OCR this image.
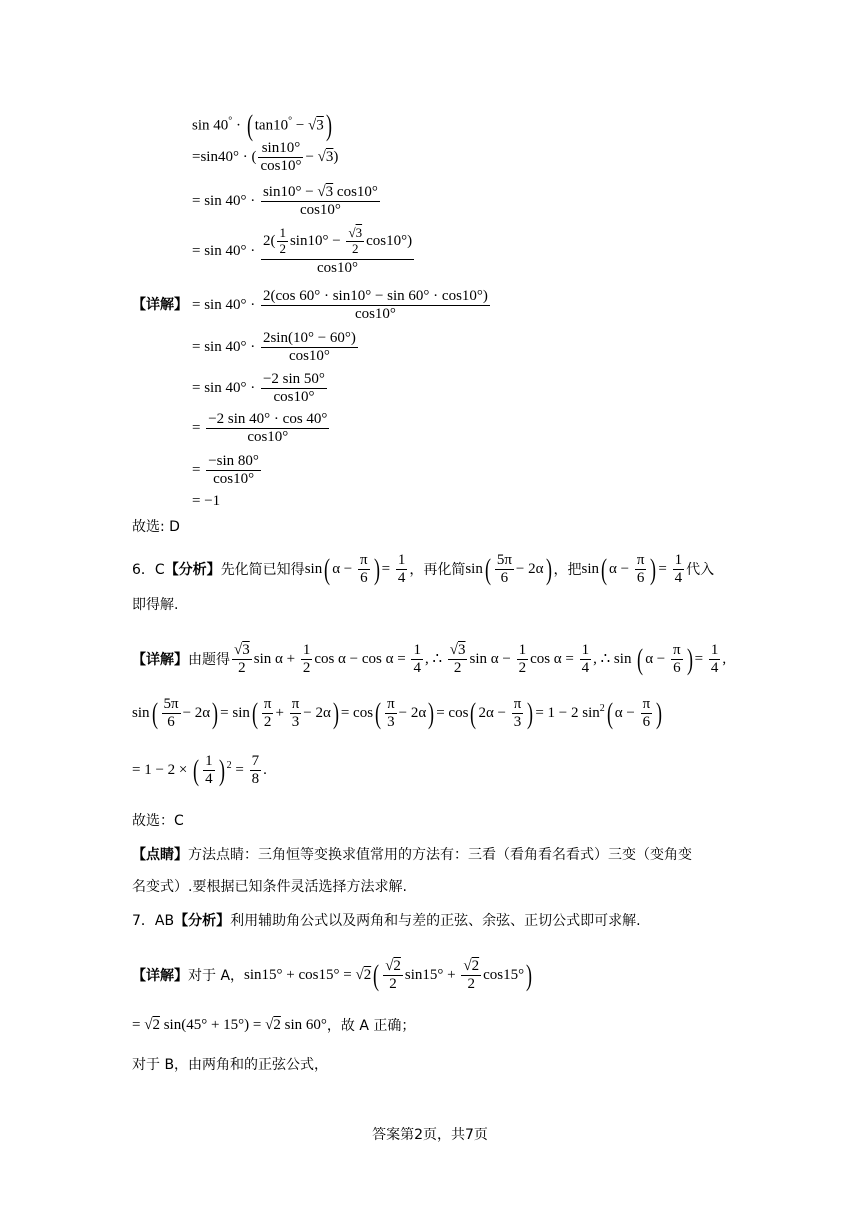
【详解】
sin 40° · ( tan10° − √3)
=sin40° · ( $\frac{\sin 10^\circ}{\cos 10^\circ} - √3$)
= $\sin 40^\circ \cdot \frac{\sin 10^\circ - √3 \cos 10^\circ}{\cos 10^\circ}$
= $\sin 40^\circ \cdot \frac{2( \frac{1}{2} \sin 10^\circ - \frac{√3}{2} \cos 10^\circ)}{\cos 10^\circ}$
= $\sin 40^\circ \cdot \frac{2(\cos 60^\circ \cdot \sin 10^\circ - \sin 60^\circ \cdot \cos 10^\circ)}{\cos 10^\circ}$
= $\sin 40^\circ \cdot \frac{2\sin(10^\circ - 60^\circ)}{\cos 10^\circ}$
= $\sin 40^\circ \cdot \frac{-2 \sin 50^\circ}{\cos 10^\circ}$
= $\frac{-2 \sin 40^\circ \cdot \cos 40^\circ}{\cos 10^\circ}$
= $\frac{-\sin 80^\circ}{\cos 10^\circ}$
= −1
故选: D
6．C 【分析】 先化简已知得 sin( $\alpha - \frac{\pi}{6}$ ) = $\frac{1}{4}$ ，再化简 $\sin( \frac{5\pi}{6} - 2\alpha)$ ，把 sin( $\alpha - \frac{\pi}{6}$ ) = $\frac{1}{4}$ 代入
即得解.
【详解】 由题得 $\frac{√3}{2}$ $\sin \alpha + \frac{1}{2}$ $\cos \alpha - \cos \alpha = \frac{1}{4}$ , ∴ $\frac{√3}{2}$ $\sin \alpha - \frac{1}{2}$ $\cos \alpha = \frac{1}{4}$ , ∴ sin ( $\alpha - \frac{\pi}{6}$ ) = $\frac{1}{4}$ ,
$\sin( \frac{5\pi}{6} - 2\alpha) = \sin( \frac{\pi}{2} + \frac{\pi}{3} - 2\alpha) = \cos( \frac{\pi}{3} - 2\alpha) = \cos$( $2\alpha - \frac{\pi}{3}$ ) = 1 − 2 $\sin^2$( $\alpha - \frac{\pi}{6}$ )
= 1 − 2 × ( $\frac{1}{4}$ ) $^2 = \frac{7}{8}$ .
故选：C
【点睛】方法点睛：三角恒等变换求值常用的方法有：三看（看角看名看式）三变（变角变
名变式）.要根据已知条件灵活选择方法求解.
7．AB【分析】利用辅助角公式以及两角和与差的正弦、余弦、正切公式即可求解.
【详解】 对于 A， $\sin 15^\circ + \cos 15^\circ = √2( \frac{√2}{2} \sin 15^\circ + \frac{√2}{2} \cos 15^\circ)$
= √2 sin(45° + 15°) = √2 sin 60° ，故 A 正确；
对于 B，由两角和的正弦公式，
答案第2页，共7页
